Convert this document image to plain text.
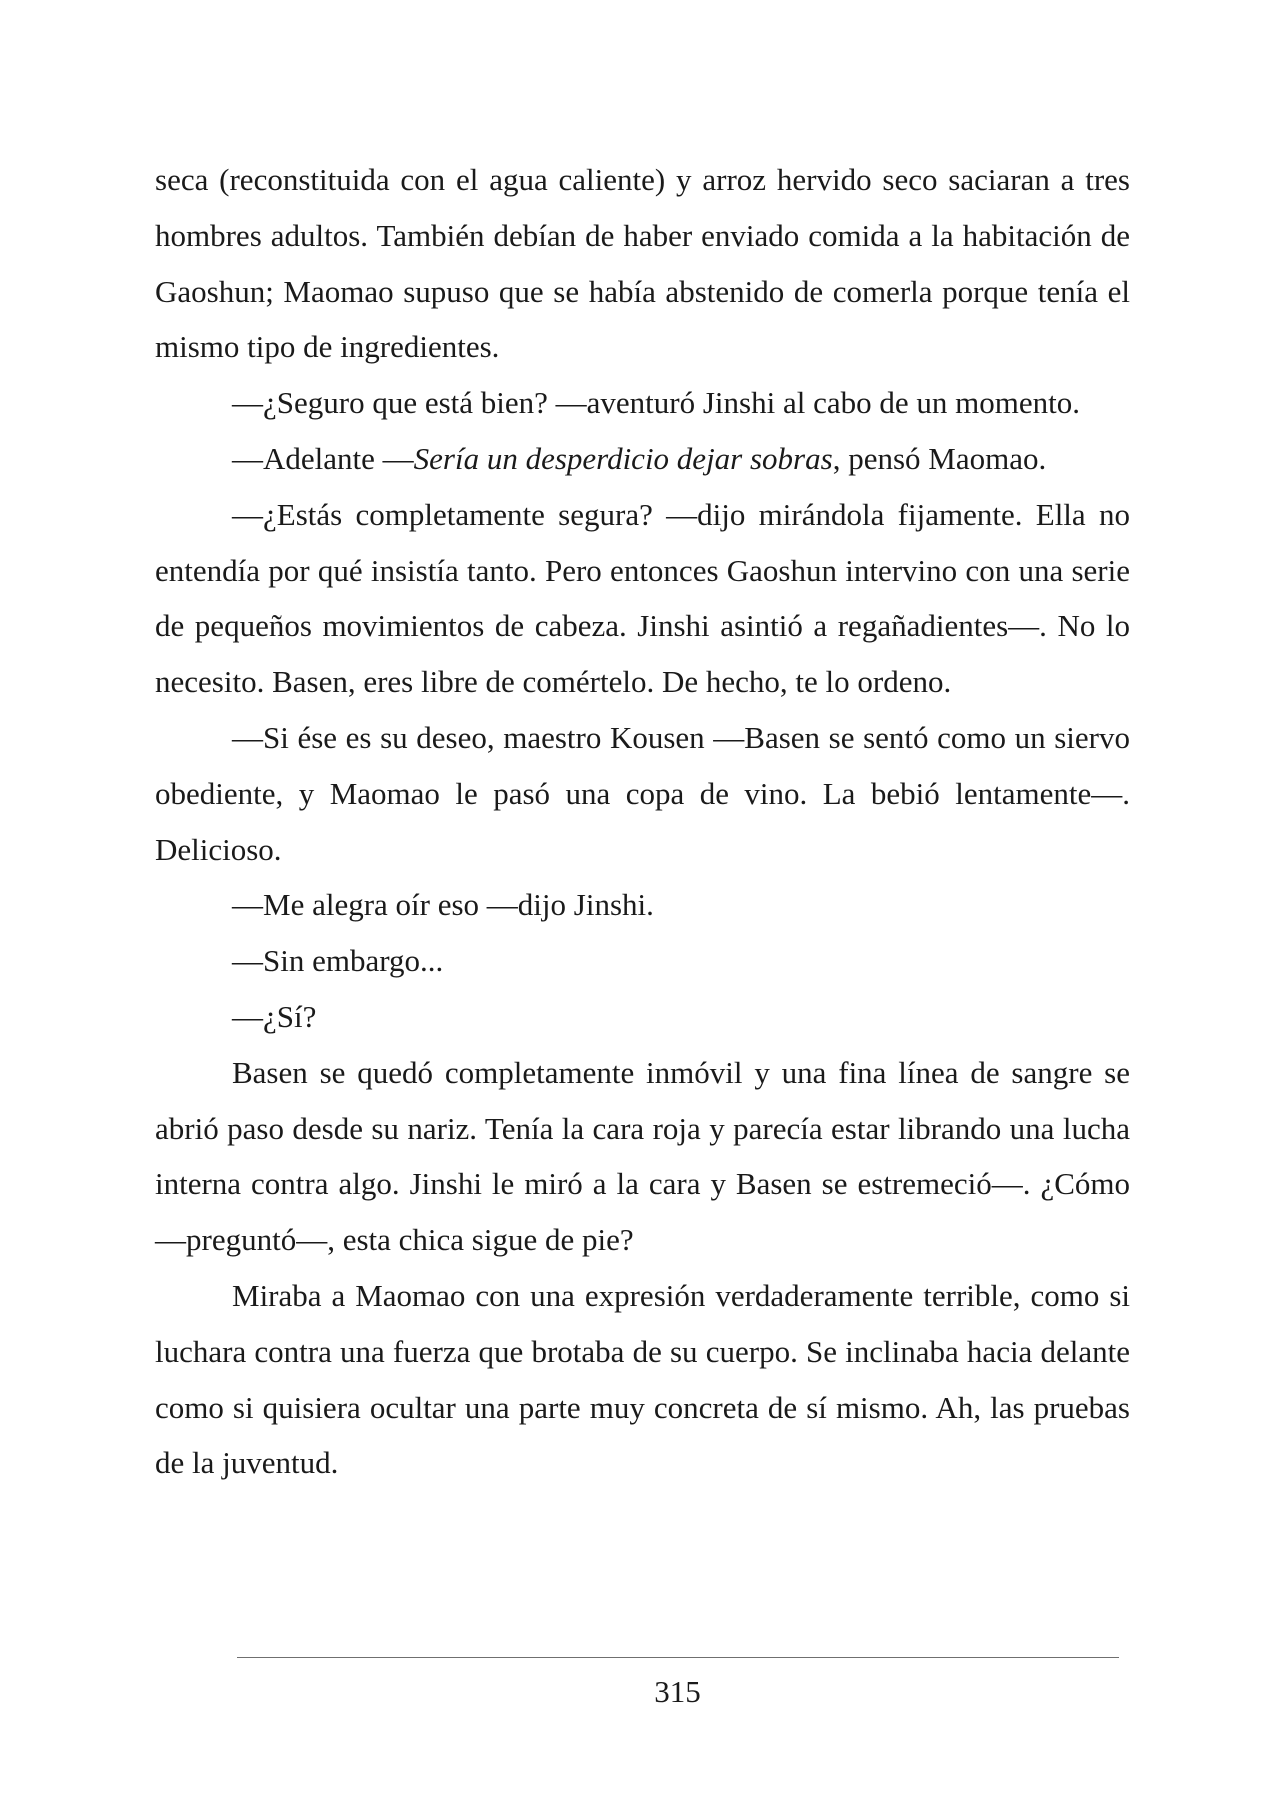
seca (reconstituida con el agua caliente) y arroz hervido seco saciaran a tres hombres adultos. También debían de haber enviado comida a la habitación de Gaoshun; Maomao supuso que se había abstenido de comerla porque tenía el mismo tipo de ingredientes.

—¿Seguro que está bien? —aventuró Jinshi al cabo de un momento.

—Adelante —Sería un desperdicio dejar sobras, pensó Maomao.

—¿Estás completamente segura? —dijo mirándola fijamente. Ella no entendía por qué insistía tanto. Pero entonces Gaoshun intervino con una serie de pequeños movimientos de cabeza. Jinshi asintió a regañadientes—. No lo necesito. Basen, eres libre de comértelo. De hecho, te lo ordeno.

—Si ése es su deseo, maestro Kousen —Basen se sentó como un siervo obediente, y Maomao le pasó una copa de vino. La bebió lentamente—. Delicioso.

—Me alegra oír eso —dijo Jinshi.

—Sin embargo...

—¿Sí?

Basen se quedó completamente inmóvil y una fina línea de sangre se abrió paso desde su nariz. Tenía la cara roja y parecía estar librando una lucha interna contra algo. Jinshi le miró a la cara y Basen se estremeció—. ¿Cómo —preguntó—, esta chica sigue de pie?

Miraba a Maomao con una expresión verdaderamente terrible, como si luchara contra una fuerza que brotaba de su cuerpo. Se inclinaba hacia delante como si quisiera ocultar una parte muy concreta de sí mismo. Ah, las pruebas de la juventud.

315
